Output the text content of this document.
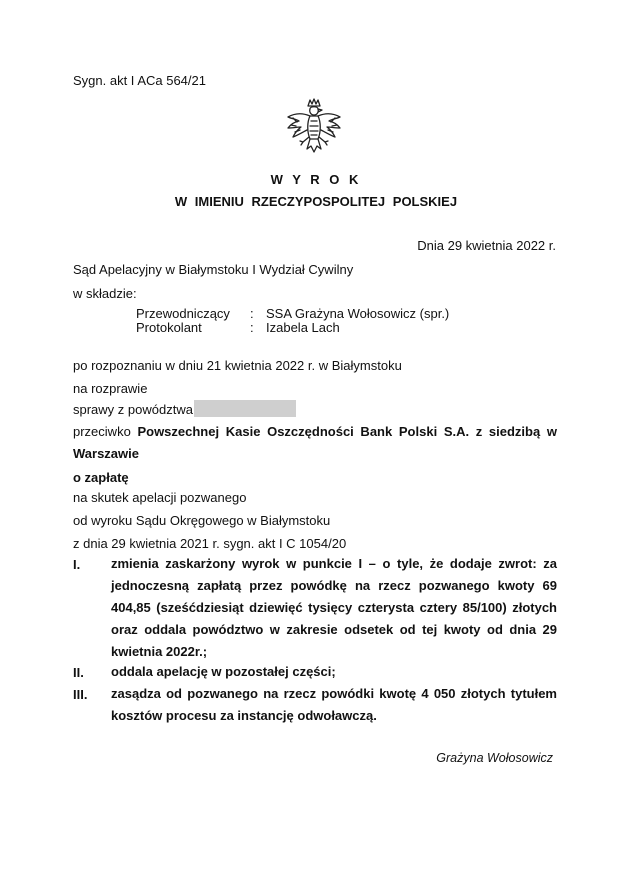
Sygn. akt I ACa 564/21
W Y R O K
W IMIENIU RZECZYPOSPOLITEJ POLSKIEJ
Dnia 29 kwietnia 2022 r.
Sąd Apelacyjny w Białymstoku I Wydział Cywilny
w składzie:
Przewodniczący : SSA Grażyna Wołosowicz (spr.)
Protokolant	: Izabela Lach
po rozpoznaniu w dniu 21 kwietnia 2022 r. w Białymstoku
na rozprawie
sprawy z powództwa
przeciwko Powszechnej Kasie Oszczędności Bank Polski S.A. z siedzibą w
Warszawie
o zapłatę
na skutek apelacji pozwanego
od wyroku Sądu Okręgowego w Białymstoku
z dnia 29 kwietnia 2021 r. sygn. akt I C 1054/20
I. zmienia zaskarżony wyrok w punkcie I – o tyle, że dodaje zwrot: za jednoczesną zapłatą przez powódkę na rzecz pozwanego kwoty 69 404,85 (sześćdziesiąt dziewięć tysięcy czterysta cztery 85/100) złotych oraz oddala powództwo w zakresie odsetek od tej kwoty od dnia 29 kwietnia 2022r.;
II. oddala apelację w pozostałej części;
III. zasądza od pozwanego na rzecz powódki kwotę 4 050 złotych tytułem kosztów procesu za instancję odwoławczą.
Grażyna Wołosowicz
